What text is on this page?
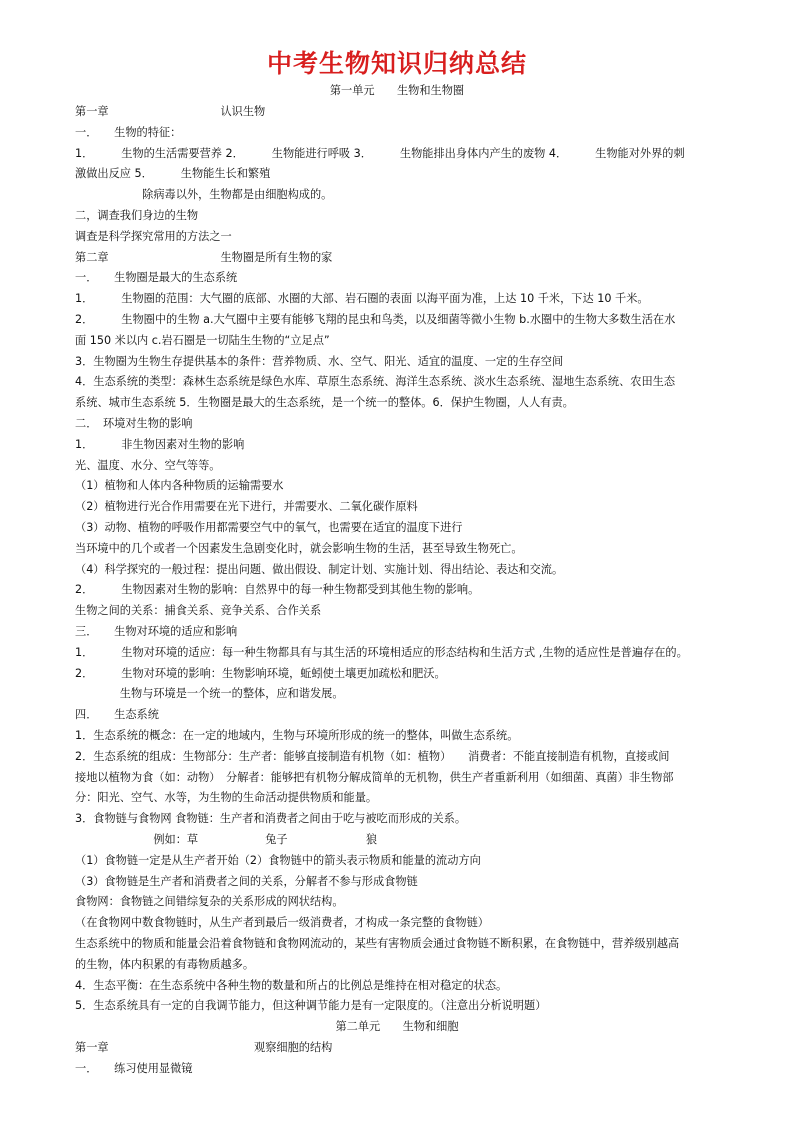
中考生物知识归纳总结
第一单元　　生物和生物圈
第一章　　　　　　　　　　认识生物
一．　　生物的特征：
1．　　　生物的生活需要营养 2．　　　生物能进行呼吸 3．　　　生物能排出身体内产生的废物 4．　　　生物能对外界的刺
激做出反应 5．　　　生物能生长和繁殖
　　　　　　除病毒以外，生物都是由细胞构成的。
二，调查我们身边的生物
调查是科学探究常用的方法之一
第二章　　　　　　　　　　生物圈是所有生物的家
一．　　生物圈是最大的生态系统
1．　　　生物圈的范围：大气圈的底部、水圈的大部、岩石圈的表面 以海平面为准，上达 10 千米，下达 10 千米。
2．　　　生物圈中的生物 a.大气圈中主要有能够飞翔的昆虫和鸟类，以及细菌等微小生物 b.水圈中的生物大多数生活在水
面 150 米以内 c.岩石圈是一切陆生生物的“立足点”
3．生物圈为生物生存提供基本的条件：营养物质、水、空气、阳光、适宜的温度、一定的生存空间
4．生态系统的类型：森林生态系统是绿色水库、草原生态系统、海洋生态系统、淡水生态系统、湿地生态系统、农田生态
系统、城市生态系统 5．生物圈是最大的生态系统，是一个统一的整体。6．保护生物圈，人人有责。
二．　环境对生物的影响
1．　　　非生物因素对生物的影响
光、温度、水分、空气等等。
（1）植物和人体内各种物质的运输需要水
（2）植物进行光合作用需要在光下进行，并需要水、二氧化碳作原料
（3）动物、植物的呼吸作用都需要空气中的氧气，也需要在适宜的温度下进行
当环境中的几个或者一个因素发生急剧变化时，就会影响生物的生活，甚至导致生物死亡。
（4）科学探究的一般过程：提出问题、做出假设、制定计划、实施计划、得出结论、表达和交流。
2．　　　生物因素对生物的影响：自然界中的每一种生物都受到其他生物的影响。
生物之间的关系：捕食关系、竞争关系、合作关系
三．　　生物对环境的适应和影响
1．　　　生物对环境的适应：每一种生物都具有与其生活的环境相适应的形态结构和生活方式 ,生物的适应性是普遍存在的。
2．　　　生物对环境的影响：生物影响环境，蚯蚓使土壤更加疏松和肥沃。
　　　　生物与环境是一个统一的整体，应和谐发展。
四．　　生态系统
1．生态系统的概念：在一定的地域内，生物与环境所形成的统一的整体，叫做生态系统。
2．生态系统的组成：生物部分：生产者：能够直接制造有机物（如：植物）　　消费者：不能直接制造有机物，直接或间
接地以植物为食（如：动物）　分解者：能够把有机物分解成简单的无机物，供生产者重新利用（如细菌、真菌）非生物部
分：阳光、空气、水等，为生物的生命活动提供物质和能量。
3．食物链与食物网 食物链：生产者和消费者之间由于吃与被吃而形成的关系。
　　　　　　　例如：草　　　　　　兔子　　　　　　　狼
（1）食物链一定是从生产者开始（2）食物链中的箭头表示物质和能量的流动方向
（3）食物链是生产者和消费者之间的关系，分解者不参与形成食物链
食物网：食物链之间错综复杂的关系形成的网状结构。
（在食物网中数食物链时，从生产者到最后一级消费者，才构成一条完整的食物链）
生态系统中的物质和能量会沿着食物链和食物网流动的，某些有害物质会通过食物链不断积累，在食物链中，营养级别越高
的生物，体内积累的有毒物质越多。
4．生态平衡：在生态系统中各种生物的数量和所占的比例总是维持在相对稳定的状态。
5．生态系统具有一定的自我调节能力，但这种调节能力是有一定限度的。（注意出分析说明题）
第二单元　　生物和细胞
第一章　　　　　　　　　　　　　观察细胞的结构
一．　　练习使用显微镜
